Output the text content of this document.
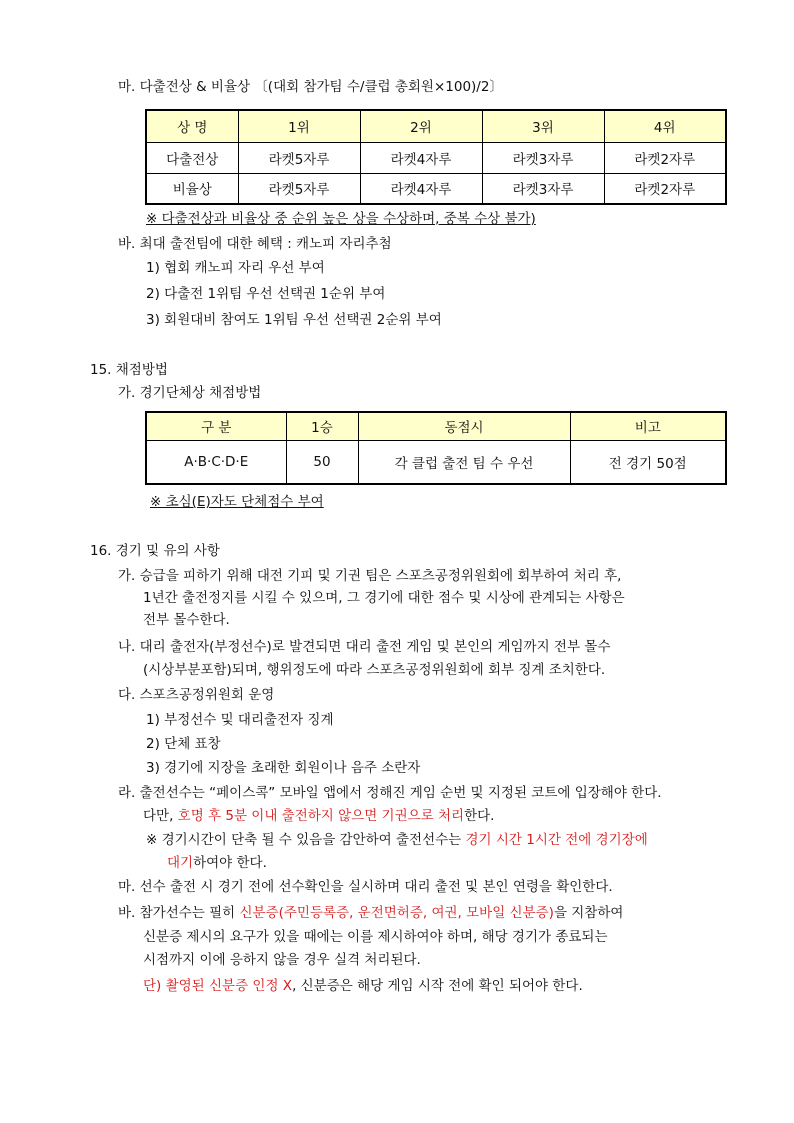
마. 다출전상 & 비율상 〔(대회 참가팀 수/클럽 총회원×100)/2〕
상 명	1위	2위	3위	4위
다출전상	라켓5자루	라켓4자루	라켓3자루	라켓2자루
비율상	라켓5자루	라켓4자루	라켓3자루	라켓2자루
※ 다출전상과 비율상 중 순위 높은 상을 수상하며, 중복 수상 불가)
바. 최대 출전팀에 대한 혜택 : 캐노피 자리추첨
1) 협회 캐노피 자리 우선 부여
2) 다출전 1위팀 우선 선택권 1순위 부여
3) 회원대비 참여도 1위팀 우선 선택권 2순위 부여
15. 채점방법
가. 경기단체상 채점방법
구 분	1승	동점시	비고
A·B·C·D·E	50	각 클럽 출전 팀 수 우선	전 경기 50점
※ 초심(E)자도 단체점수 부여
16. 경기 및 유의 사항
가. 승급을 피하기 위해 대전 기피 및 기권 팀은 스포츠공정위원회에 회부하여 처리 후,
1년간 출전정지를 시킬 수 있으며, 그 경기에 대한 점수 및 시상에 관계되는 사항은
전부 몰수한다.
나. 대리 출전자(부정선수)로 발견되면 대리 출전 게임 및 본인의 게임까지 전부 몰수
(시상부분포함)되며, 행위정도에 따라 스포츠공정위원회에 회부 징계 조치한다.
다. 스포츠공정위원회 운영
1) 부정선수 및 대리출전자 징계
2) 단체 표창
3) 경기에 지장을 초래한 회원이나 음주 소란자
라. 출전선수는 “페이스콕” 모바일 앱에서 정해진 게임 순번 및 지정된 코트에 입장해야 한다.
다만, 호명 후 5분 이내 출전하지 않으면 기권으로 처리한다.
※ 경기시간이 단축 될 수 있음을 감안하여 출전선수는 경기 시간 1시간 전에 경기장에
대기하여야 한다.
마. 선수 출전 시 경기 전에 선수확인을 실시하며 대리 출전 및 본인 연령을 확인한다.
바. 참가선수는 필히 신분증(주민등록증, 운전면허증, 여권, 모바일 신분증)을 지참하여
신분증 제시의 요구가 있을 때에는 이를 제시하여야 하며, 해당 경기가 종료되는
시점까지 이에 응하지 않을 경우 실격 처리된다.
단) 촬영된 신분증 인정 X, 신분증은 해당 게임 시작 전에 확인 되어야 한다.
